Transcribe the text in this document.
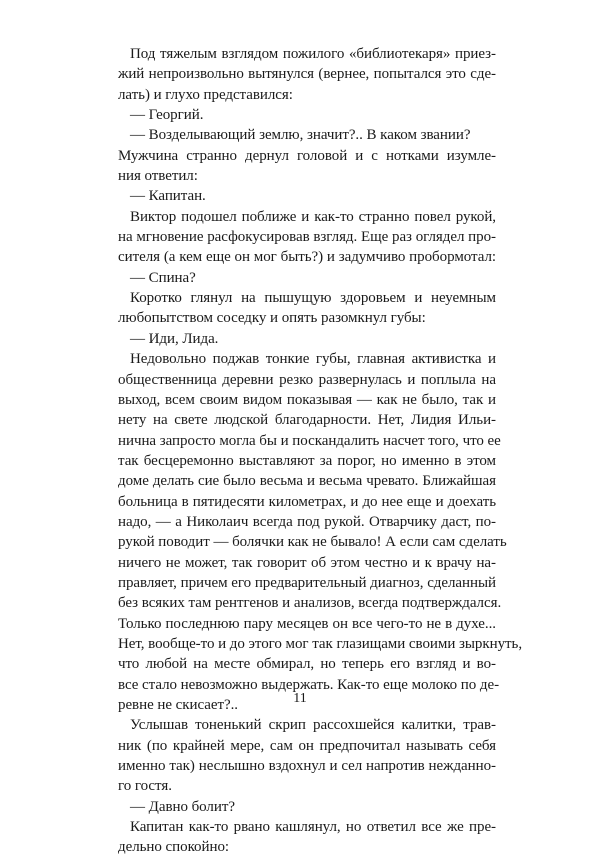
Под тяжелым взглядом пожилого «библиотекаря» приез-
жий непроизвольно вытянулся (вернее, попытался это сде-
лать) и глухо представился:
— Георгий.
— Возделывающий землю, значит?.. В каком звании?
Мужчина странно дернул головой и с нотками изумле-
ния ответил:
— Капитан.
Виктор подошел поближе и как-то странно повел рукой,
на мгновение расфокусировав взгляд. Еще раз оглядел про-
сителя (а кем еще он мог быть?) и задумчиво пробормотал:
— Спина?
Коротко глянул на пышущую здоровьем и неуемным
любопытством соседку и опять разомкнул губы:
— Иди, Лида.
Недовольно поджав тонкие губы, главная активистка и
общественница деревни резко развернулась и поплыла на
выход, всем своим видом показывая — как не было, так и
нету на свете людской благодарности. Нет, Лидия Ильи-
нична запросто могла бы и поскандалить насчет того, что ее
так бесцеремонно выставляют за порог, но именно в этом
доме делать сие было весьма и весьма чревато. Ближайшая
больница в пятидесяти километрах, и до нее еще и доехать
надо, — а Николаич всегда под рукой. Отварчику даст, по-
рукой поводит — болячки как не бывало! А если сам сделать
ничего не может, так говорит об этом честно и к врачу на-
правляет, причем его предварительный диагноз, сделанный
без всяких там рентгенов и анализов, всегда подтверждался.
Только последнюю пару месяцев он все чего-то не в духе...
Нет, вообще-то и до этого мог так глазищами своими зыркнуть,
что любой на месте обмирал, но теперь его взгляд и во-
все стало невозможно выдержать. Как-то еще молоко по де-
ревне не скисает?..
Услышав тоненький скрип рассохшейся калитки, трав-
ник (по крайней мере, сам он предпочитал называть себя
именно так) неслышно вздохнул и сел напротив нежданно-
го гостя.
— Давно болит?
Капитан как-то рвано кашлянул, но ответил все же пре-
дельно спокойно:
11
